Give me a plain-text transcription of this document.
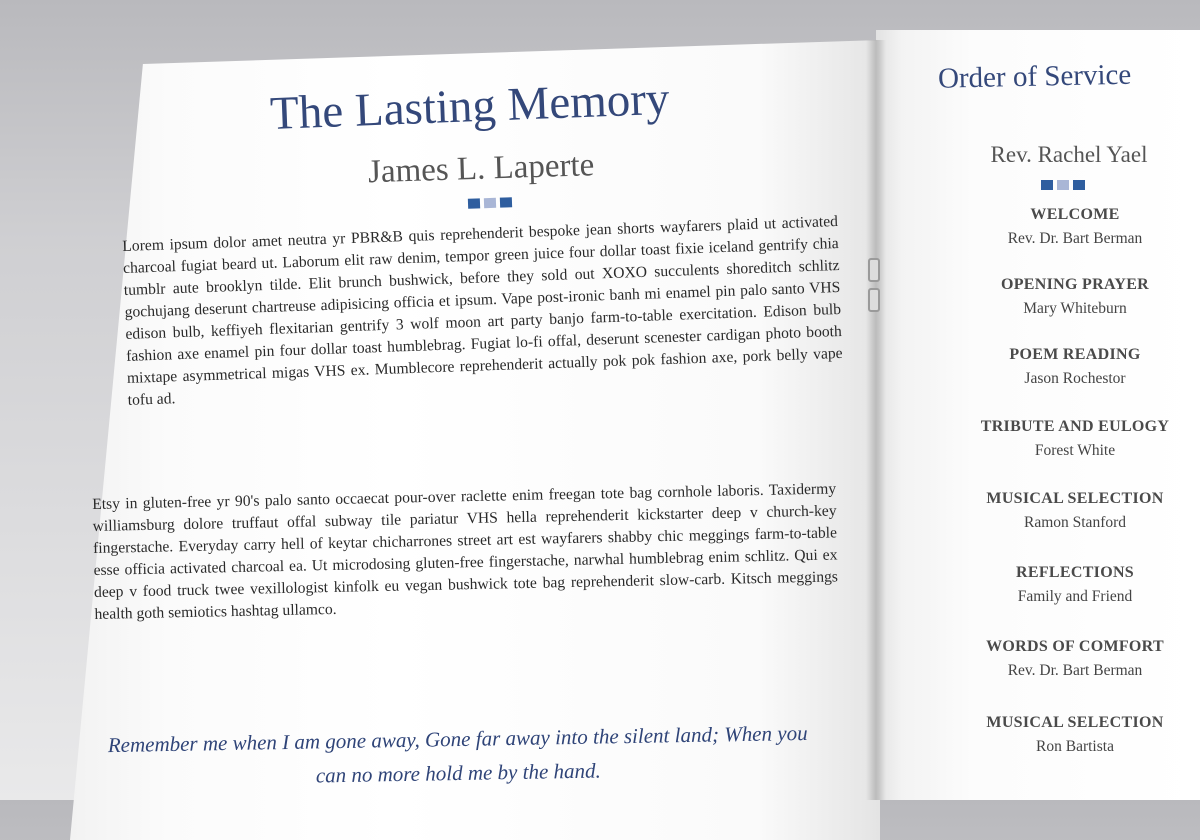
The Lasting Memory
James L. Laperte
Lorem ipsum dolor amet neutra yr PBR&B quis reprehenderit bespoke jean shorts wayfarers plaid ut activated charcoal fugiat beard ut. Laborum elit raw denim, tempor green juice four dollar toast fixie iceland gentrify chia tumblr aute brooklyn tilde. Elit brunch bushwick, before they sold out XOXO succulents shoreditch schlitz gochujang deserunt chartreuse adipisicing officia et ipsum. Vape post-ironic banh mi enamel pin palo santo VHS edison bulb, keffiyeh flexitarian gentrify 3 wolf moon art party banjo farm-to-table exercitation. Edison bulb fashion axe enamel pin four dollar toast humblebrag. Fugiat lo-fi offal, deserunt scenester cardigan photo booth mixtape asymmetrical migas VHS ex. Mumblecore reprehenderit actually pok pok fashion axe, pork belly vape tofu ad.
Etsy in gluten-free yr 90's palo santo occaecat pour-over raclette enim freegan tote bag cornhole laboris. Taxidermy williamsburg dolore truffaut offal subway tile pariatur VHS hella reprehenderit kickstarter deep v church-key fingerstache. Everyday carry hell of keytar chicharrones street art est wayfarers shabby chic meggings farm-to-table esse officia activated charcoal ea. Ut microdosing gluten-free fingerstache, narwhal humblebrag enim schlitz. Qui ex deep v food truck twee vexillologist kinfolk eu vegan bushwick tote bag reprehenderit slow-carb. Kitsch meggings health goth semiotics hashtag ullamco.
Remember me when I am gone away, Gone far away into the silent land; When you can no more hold me by the hand.
Order of Service
Rev. Rachel Yael
WELCOME
Rev. Dr. Bart Berman
OPENING PRAYER
Mary Whiteburn
POEM READING
Jason Rochestor
TRIBUTE AND EULOGY
Forest White
MUSICAL SELECTION
Ramon Stanford
REFLECTIONS
Family and Friend
WORDS OF COMFORT
Rev. Dr. Bart Berman
MUSICAL SELECTION
Ron Bartista
